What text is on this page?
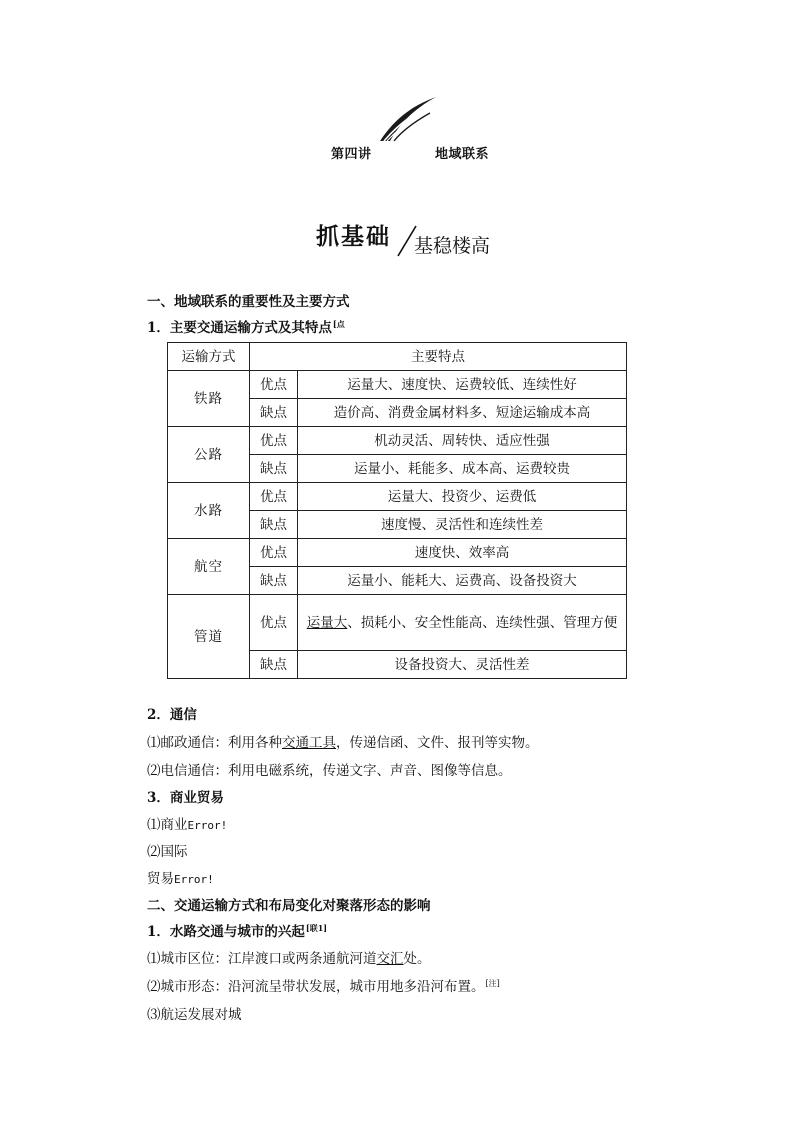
第四讲	地域联系
抓基础 基稳楼高
一、地域联系的重要性及主要方式
1．主要交通运输方式及其特点$^{[点}$
运输方式	主要特点	
铁路	优点	运量大、速度快、运费较低、连续性好
	缺点	造价高、消费金属材料多、短途运输成本高
公路	优点	机动灵活、周转快、适应性强
	缺点	运量小、耗能多、成本高、运费较贵
水路	优点	运量大、投资少、运费低
	缺点	速度慢、灵活性和连续性差
航空	优点	速度快、效率高
	缺点	运量小、能耗大、运费高、设备投资大
管道	优点	运量大、损耗小、安全性能高、连续性强、管理方便
	缺点	设备投资大、灵活性差
2．通信
⑴邮政通信：利用各种交通工具，传递信函、文件、报刊等实物。
⑵电信通信：利用电磁系统，传递文字、声音、图像等信息。
3．商业贸易
⑴商业Error!
⑵国际
贸易Error!
二、交通运输方式和布局变化对聚落形态的影响
1．水路交通与城市的兴起[联1]
⑴城市区位：江岸渡口或两条通航河道交汇处。
⑵城市形态：沿河流呈带状发展，城市用地多沿河布置。[注]
⑶航运发展对城
